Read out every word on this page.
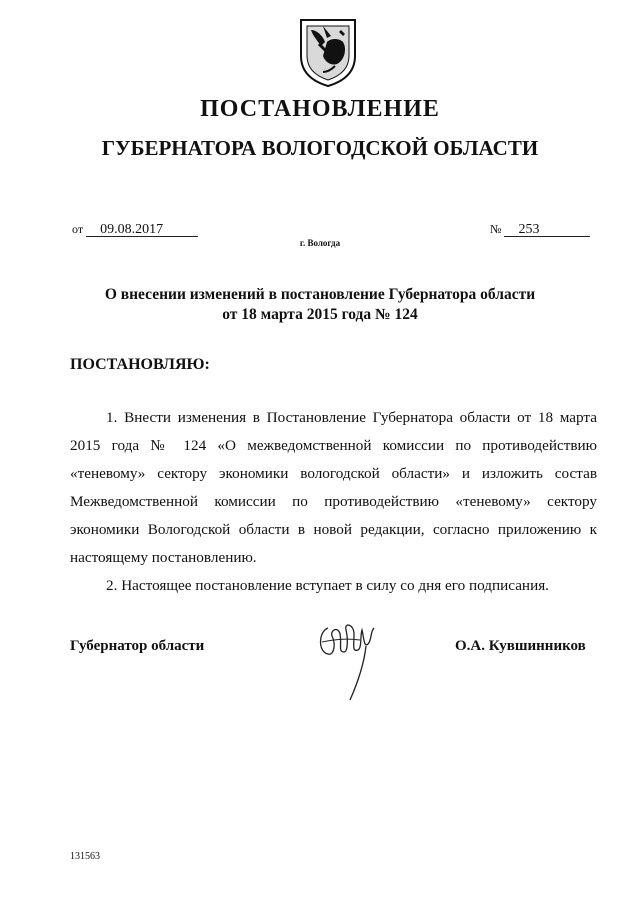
ПОСТАНОВЛЕНИЕ
ГУБЕРНАТОРА ВОЛОГОДСКОЙ ОБЛАСТИ
от 09.08.2017	№ 253
г. Вологда
О внесении изменений в постановление Губернатора области
от 18 марта 2015 года № 124
ПОСТАНОВЛЯЮ:

1. Внести изменения в Постановление Губернатора области от 18 марта 2015 года № 124 «О межведомственной комиссии по противодействию «теневому» сектору экономики вологодской области» и изложить состав Межведомственной комиссии по противодействию «теневому» сектору экономики Вологодской области в новой редакции, согласно приложению к настоящему постановлению.

2. Настоящее постановление вступает в силу со дня его подписания.

Губернатор области	О.А. Кувшинников
131563
